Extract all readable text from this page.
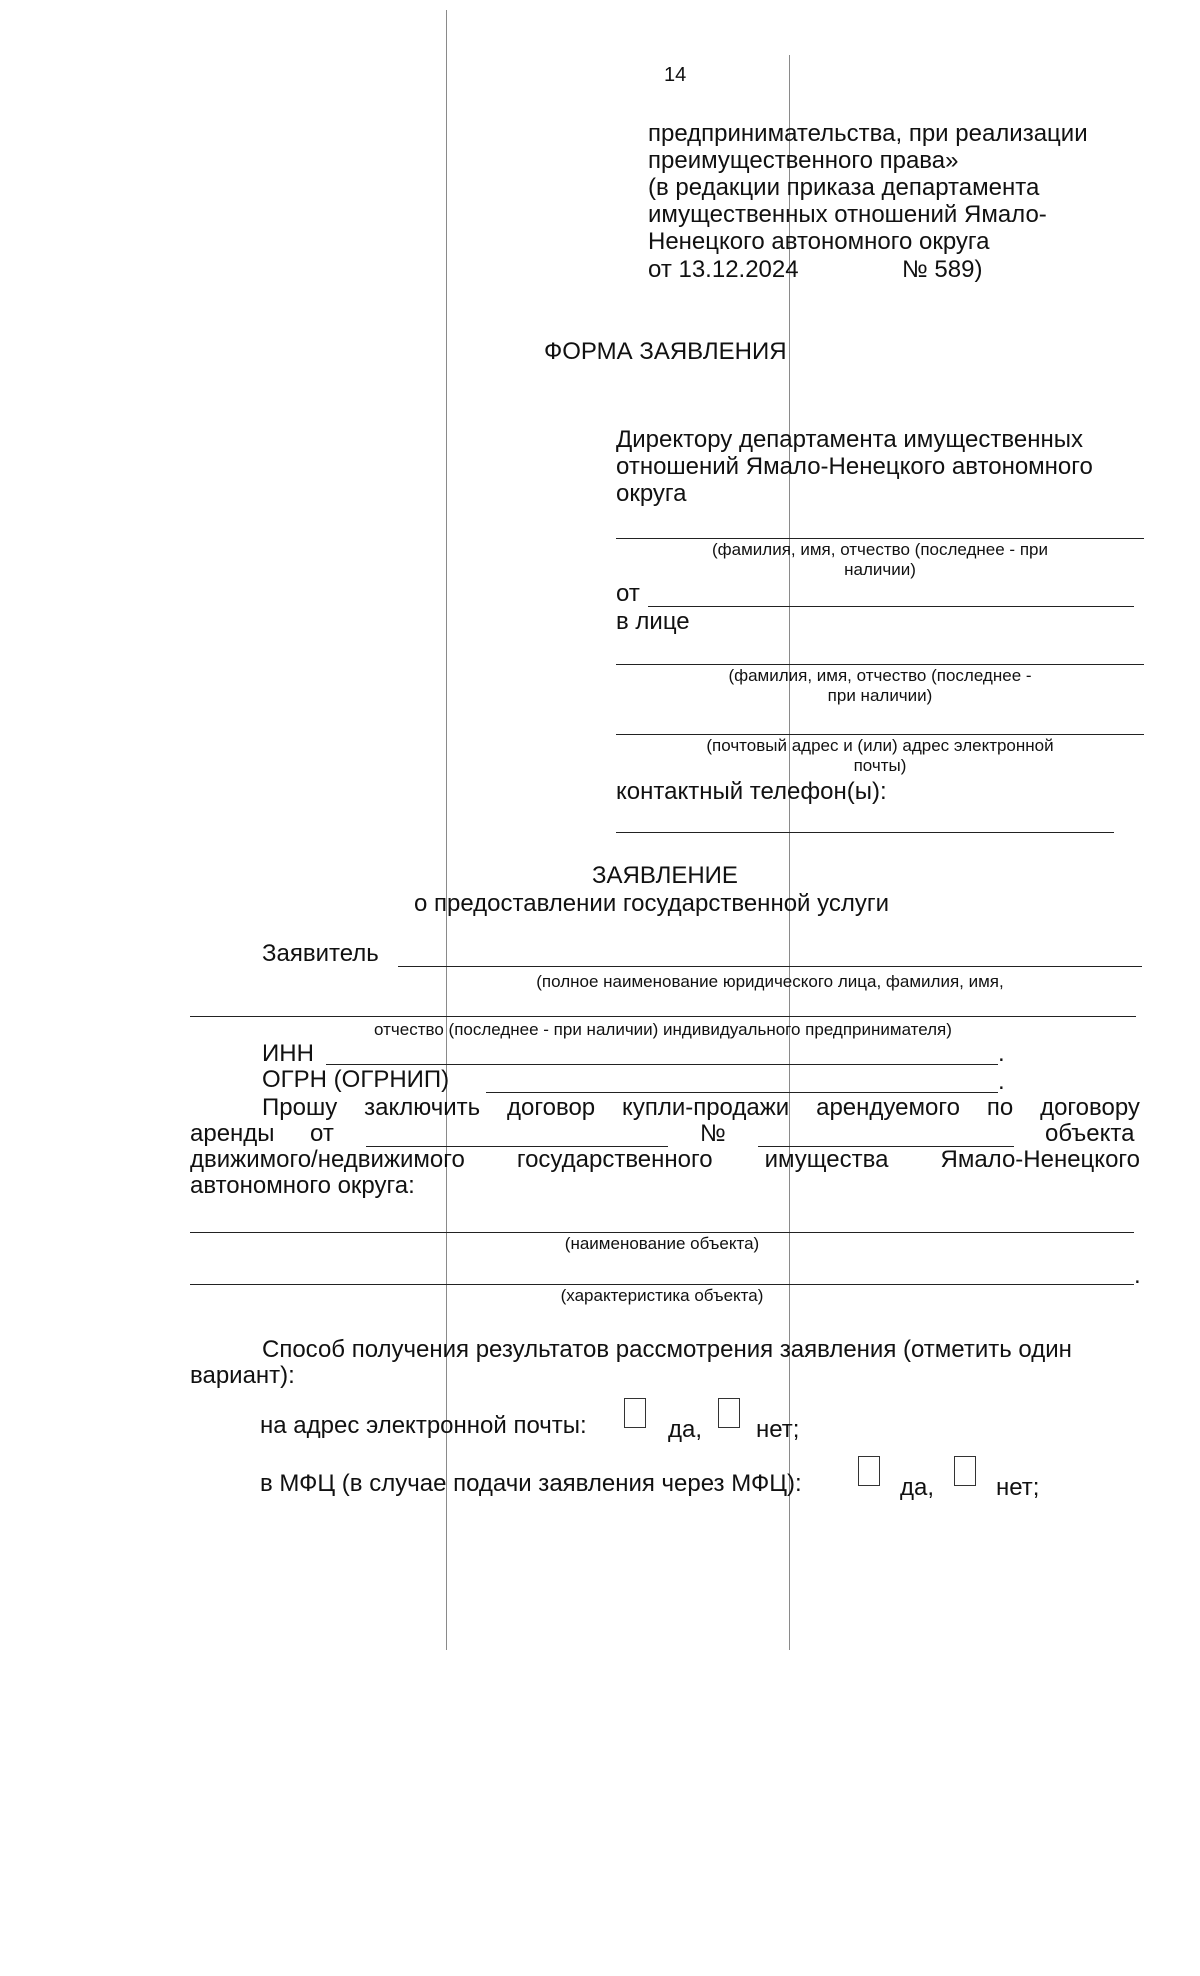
14
предпринимательства, при реализации
преимущественного права»
(в редакции приказа департамента
имущественных отношений Ямало-
Ненецкого автономного округа
от 13.12.2024	№ 589)
ФОРМА ЗАЯВЛЕНИЯ
Директору департамента имущественных
отношений Ямало-Ненецкого автономного
округа
(фамилия, имя, отчество (последнее - при
наличии)
от
в лице
(фамилия, имя, отчество (последнее -
при наличии)
(почтовый адрес и (или) адрес электронной
почты)
контактный телефон(ы):
ЗАЯВЛЕНИЕ
о предоставлении государственной услуги
Заявитель
(полное наименование юридического лица, фамилия, имя,
отчество (последнее - при наличии) индивидуального предпринимателя)
ИНН	.
ОГРН (ОГРНИП)	.
Прошу заключить договор купли-продажи арендуемого по договору
аренды от	№	объекта
движимого/недвижимого государственного имущества Ямало-Ненецкого
автономного округа:
(наименование объекта)
.
(характеристика объекта)
Способ получения результатов рассмотрения заявления (отметить один
вариант):
на адрес электронной почты:	да, нет;
в МФЦ (в случае подачи заявления через МФЦ):	да,	нет;
